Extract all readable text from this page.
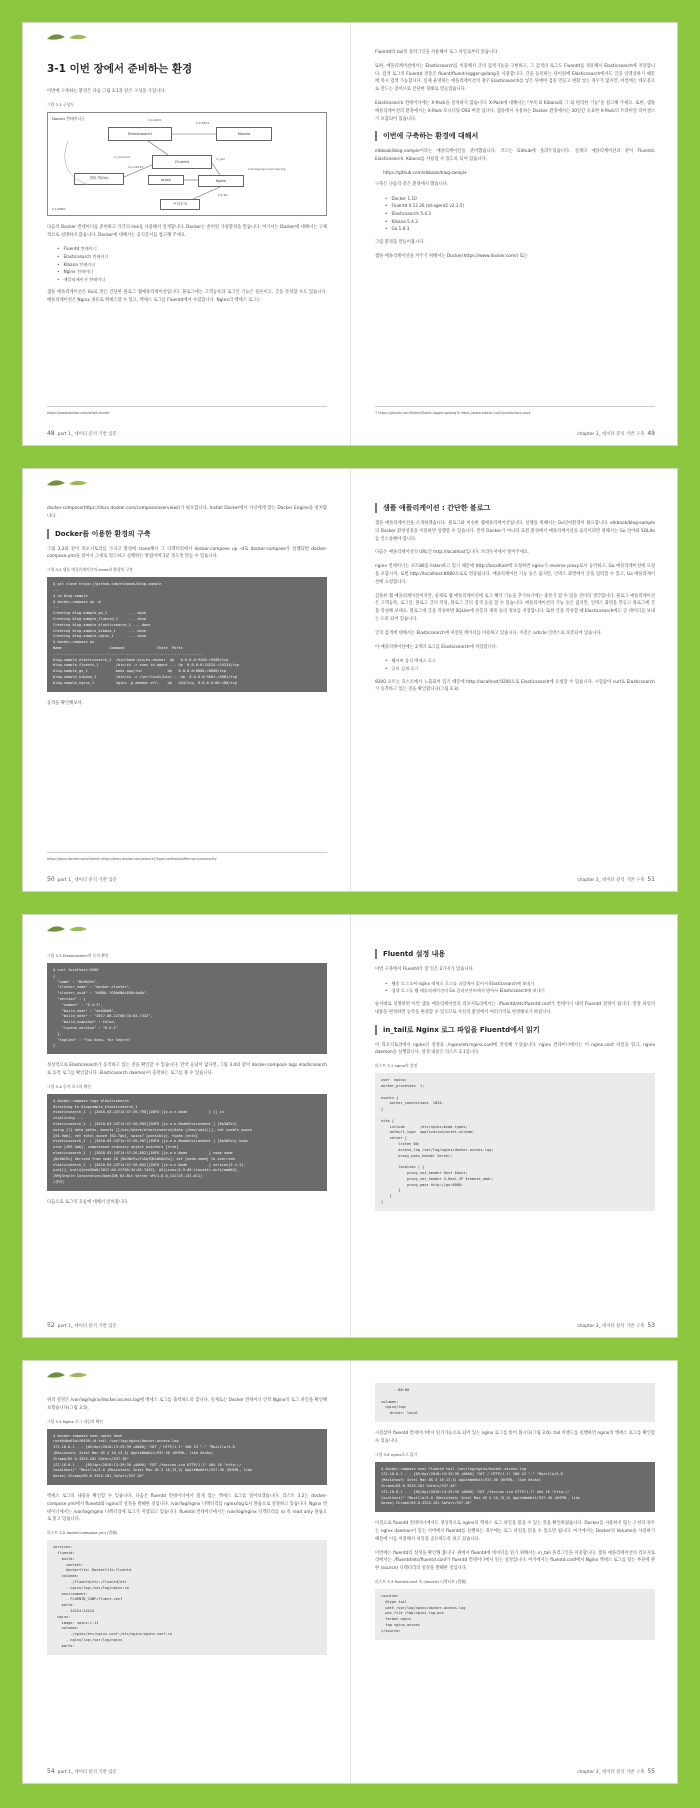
3-1 이번 장에서 준비하는 환경

이번에 구축하는 환경은 다음 그림 3.1과 같은 구성을 가집니다.

그림 3-1 구성도
Docker 컨테이너군
Elasticsearch	Kibana
Fluentd
샘플 앱(Go)
Nginx
proxy
브라우저
tcp:9200
tcp:5601
in_forward	in_tail
tcp:24224	/var/log/nginx/access.log
tcp:80
tcp:8080

다음의 Docker 컨테이너를 준비하고 각각의 link를 사용해서 연계합니다. Docker는 준비된 가상환경을 만듭니다. 여기서는 Docker에 대해서는 구체적으로 설명하지 않습니다. Docker에 대해서는 공식문서를 참고해 주세요.

• Fluentd 컨테이너
• Elasticsearch 컨테이너
• Kibana 컨테이너
• Nginx 컨테이너
• 애플리케이션 컨테이너

샘플 애플리케이션은 Go로 만든 간단한 블로그 웹애플리케이션입니다. 블로그에는 고객등록과 로그인 기능은 물론이고, 글을 작성할 수도 있습니다. 애플리케이션은 Nginx 경유로 액세스할 수 있고, 액세스 로그를 Fluentd에서 수집합니다. Nginx의 액세스 로그는

https://www.docker.com/what-docker
48 part 1_ 데이터 분석 기반 입문

Fluentd의 tail의 플러그인을 사용해서 로그 파일로부터 읽습니다.

또한, 애플리케이션에서는 Elasticsearch를 이용해서 글의 검색기능을 구현하고, 그 검색의 로그도 Fluentd를 경유해서 Elasticsearch에 저장합니다. 검색 로그의 Fluentd 전송은 fluent/fluent-logger-golang을 사용합니다. 글을 등록하는 타이밍에 Elasticsearch에서도 글을 인덱싱하기 때문에 즉시 검색 가능합니다. 실제 운영하는 애플리케이션의 경우 Elasticsearch를 넣은 뒤에야 검증 만들고 변환 넣는 경우가 많지만, 이번에는 데모용으로 만드는 것이므로 간단한 형태로 만들었습니다.

Elasticsearch 컨테이너에는 X-Pack을 설치하지 않습니다. X-Pack에 대해서는 "부록 D Kibana와 그 외 편리한 기능"을 참고해 주세요. 또한, 샘플 애플리케이션의 환경에서는 X-Pack 모니터링 OSS 버전 입니다. 샘플에서 사용하는 Docker 환경에서는 30일간 유효한 X-Pack의 트라이얼 라이센스가 포함되어 있습니다.

이번에 구축하는 환경에 대해서

elkbook/blog-sample이라는 애플리케이션을 준비했습니다. 코드는 Github에 올려두었습니다. 실제의 애플리케이션과 같이 Fluentd, Elasticsearch, Kibana를 사용할 수 있도록 되어 있습니다.

https://github.com/elkbook/blog-sample

구축은 다음의 같은 환경에서 했습니다.

• Docker 1.10
• Fluentd 0.12.26 (td-agent2 v2.3.5)
• Elasticsearch 5.4.3
• Kibana 5.4.3
• Go 1.8.3

그럼 환경을 만들어봅시다.

샘플 애플리케이션을 켜주기 위해서는 Docker(https://www.docker.com/) 또는

7 https://github.com/fluent/fluent-logger-golang 8 https://www.elastic.co/kr/products/x-pack
chapter 3_ 데이터 분석 기반 구축 49

docker-compose(https://docs.docker.com/compose/overview/)가 필요합니다. Install Docker에서 자신에게 맞는 Docker Engine을 설치합니다.

Docker를 이용한 환경의 구축

그림 3.2와 같이 리포지토리를 가지고 환경에 clone해서 그 디렉터리에서 docker-compose up -d로 docker-compose가 실행되면 docker-compose.yml을 읽어서 그대로 빌드하고 실행하는 방법이며 1분 정도면 만들 수 있습니다.

그림 3.2 샘플 애플리케이션의 clone과 환경의 구축
$ git clone https://github.com/elkbook/blog-sample
...
$ cd blog-sample
$ docker-compose up -d
...
Creating blog-sample_go_1          ... done
Creating blog-sample_fluentd_1     ... done
Creating blog-sample_elasticsearch_1 ... done
Creating blog-sample_kibana_1      ... done
Creating blog-sample_nginx_1       ... done
$ docker-compose ps
Name                      Command               State  Ports
---------------------------------------------------------------------
blog-sample_elasticsearch_1  /bin/bash bin/es-docker  Up   0.0.0.0:9200->9200/tcp
blog-sample_fluentd_1        /bin/sh -c exec td-agent ... Up  0.0.0.0:24224->24224/tcp
blog-sample_go_1             make app/run            Up   0.0.0.0:8080->8080/tcp
blog-sample_kibana_1         /bin/sh -c /usr/local/bin/... Up  0.0.0.0:5601->5601/tcp
blog-sample_nginx_1          nginx -g daemon off;    Up   443/tcp, 0.0.0.0:80->80/tcp

동작을 확인해보자.

https://docs.docker.com/install/ https://docs.docker.com/search/?type=edition&offering=community
50 part 1_ 데이터 분석 기반 입문
샘플 애플리케이션 : 간단한 블로그

샘플 애플리케이션을 소개하겠습니다. 블로그와 비슷한 웹애플리케이션입니다. 실행을 위해서는 Go언어환경이 필요합니다. elkbook/blog-sample의 Docker 환경설정을 이용하면 실행할 수 있습니다. 만약 Docker가 아니라 로컬 환경에서 애플리케이션을 움직이려면 위해서는 Go 언어와 SQLite를 인스톨해야 합니다.

다음은 애플리케이션의 URL인 http://localhost입니다. 브라우저에서 열어주세요.

nginx 컨테이너는 포트80을 listen하고 있기 때문에 http://localhost에 요청하면 nginx가 reverse proxy로서 동작하고, Go 애플리케이션에 요청을 포함시켜, 로컬 http://localhost:8080으로로 전송됩니다. 애플리케이션 기능 등은 없지만, 인덱스 화면에서 글을 입력할 수 있고, Go 애플리케이션에 요청합니다.

심플한 웹 애플리케이션이지만, 실제로 웹 애플리케이션에 로그 해석 기능을 추가하기에는 충분기 할 수 있을 것이라 생각합니다. 블로그 애플리케이션은 고객등록, 로그인, 블로그 글의 작성, 블로그 글의 검색 등을 할 수 있습니다. 애플리케이션의 기능 등은 없지만, 인덱스 화면을 만들고 블로그에 글을 작성해 보세요. 블로그에 글을 작성하면 SQLite에 본문과 제목 등의 정보를 저장합니다. 또한 글을 작성할 때 Elasticsearch에도 글 데이터를 보내는 도록 되어 있습니다.

글의 검색에 대해서는 Elasticsearch에 저장된 데이터를 이용하고 있습니다. 이것은 article 인덱스로 보존되어 있습니다.

이 애플리케이션에는 2개의 로그를 Elasticsearch에 저장합니다.

• 웹서버 음식 액세스 로그
• 글의 검색 로그

9200 포트는 호스트에서 노출되어 있기 때문에 http://localhost:9200으로 Elasticsearch에 요청할 수 있습니다. 시험삼아 curl로 Elasticsearch가 동작하고 있는 것을 확인합니다(그림 3.3).

chapter 3_ 데이터 분석 기반 구축 51
그림 3.3 Elasticsearch의 동작 확인
$ curl localhost:9200
{
"name" : "Bo3W2Vv",
"cluster_name" : "docker-cluster",
"cluster_uuid" : "hHBOL-fG6h6NOiEKQc4xNw",
"version" : {
"number" : "5.4.3",
"build_hash" : "eed30a8",
"build_date" : "2017-06-22T00:34:03.743Z",
"build_snapshot" : false,
"lucene_version" : "6.5.1"
},
"tagline" : "You Know, for Search"
}

정상적으로 Elasticsearch가 동작하고 있는 것을 확인할 수 있습니다. 만약 응답이 없다면, 그림 3.4와 같이 docker-compose logs elasticsearch로 동작 로그를 확인합니다. Elasticsearch daemon이 출력하는 로그를 볼 수 있습니다.

그림 3-4 동작 로그의 확인
$ docker-compose logs elasticsearch
Attaching to blogsample_elasticsearch_1
elasticsearch_1  | [2018-03-24T14:57:26,798][INFO ][o.e.n.Node          ] [] in
itializing ...
elasticsearch_1  | [2018-03-24T14:57:26,983][INFO ][o.e.e.NodeEnvironment ] [Bo3W2Vv]
using [1] data paths, mounts [[/usr/share/elasticsearch/data (/dev/sda1)]], net usable_space
[54.9gb], net total_space [62.7gb], spins? [possibly], types [ext4]
elasticsearch_1  | [2018-03-24T14:57:26,987][INFO ][o.e.e.NodeEnvironment ] [Bo3W2Vv] heap
size [495.3mb], compressed ordinary object pointers [true]
elasticsearch_1  | [2018-03-24T14:57:26,802][INFO ][o.e.n.Node          ] node name
[Bo3W2Vv] derived from node ID [Bo3W2VvcTsSqTQK1bkQhCw]; set [node.name] to override
elasticsearch_1  | [2018-03-24T14:57:26,802][INFO ][o.e.n.Node          ] version[5.4.3],
pid[1], build[eed30a8/2017-06-22T00:34:03.743Z], OS[Linux/4.9.60-linuxkit-aufs/amd64],
JVM[Oracle Corporation/OpenJDK 64-Bit Server VM/1.8.0_131/25.131-b11]
(생략)

다음으로 로그의 흐름에 대해서 알아봅니다.

52 part 1_ 데이터 분석 기반 입문
Fluentd 설정 내용

이번 구축에서 Fluentd가 할 일은 2가지가 있습니다.

• 웹종 로그로써 nginx 액세스 로그를 파일에서 읽어서 Elasticsearch에 보내기
• 검색 로그를 웹 애플리케이션의 Go 클라이언트에서 받아서 Elasticsearch에 보내기

순서대로 설명하면 이번 샘플 애플리케이션의 리포지토리에서는 ./fluentd/etc/fluentd.conf가 컨테이너 내의 Fluentd 설정이 됩니다. 설정 파일의 내용을 변경하면 동작을 변경할 수 있으므로 자신의 환경에서 여러가지로 변경해보기 바랍니다.

in_tail로 Nginx 로그 파일을 Fluentd에서 읽기

이 리포지토리에서 nginx의 설정을 ./nginx/etc/nginx.conf에 작성해 두었습니다. nginx 컨테이너에서는 이 nginx.conf 파일을 읽고, nginx daemon을 실행합니다. 설정 내용은 리스트 3.1입니다.

리스트 3.1 nginx의 설정
user  nginx;
worker_processes  1;

events {
worker_connections  1024;
}

http {
include       /etc/nginx/mime.types;
default_type  application/octet-stream;
server {
listen 80;
access_log /var/log/nginx/docker.access.log;
proxy_pass_header Server;

location / {
proxy_set_header Host $host;
proxy_set_header X-Real-IP $remote_addr;
proxy_pass http://go:8080;
}
}
}
chapter 3_ 데이터 분석 기반 구축 53

위의 설정은 /var/log/nginx/docker.access.log에 액세스 로그를 출력하도록 합니다. 실제로는 Docker 컨테이너 안의 Nginx의 로그 파일을 확인해 보겠습니다(그림 3.5).

그림 3.5 Nginx 로그 파일의 확인
$ docker-compose exec nginx bash
root@4ba63a1f6936:/# tail /var/log/nginx/docker.access.log
172.18.0.1 - - [05/Apr/2018:13:29:39 +0000] "GET / HTTP/1.1" 200 23 "-" "Mozilla/5.0
(Macintosh; Intel Mac OS X 10_13_3) AppleWebKit/537.36 (KHTML, like Gecko)
Chrome/65.0.3325.181 Safari/537.36"
172.18.0.1 - - [05/Apr/2018:13:29:39 +0000] "GET /favicon.ico HTTP/1.1" 404 18 "http://
localhost/" "Mozilla/5.0 (Macintosh; Intel Mac OS X 10_13_3) AppleWebKit/537.36 (KHTML, like
Gecko) Chrome/65.0.3325.181 Safari/537.36"

액세스 로그의 내용을 확인할 수 있습니다. 다음은 fluentd 컨테이너에서 읽게 있는 액세스 로그를 읽어보겠습니다. 리스트 3.2는 docker-compose.yml에서 fluentd와 nginx의 설정을 발췌한 것입니다. /var/log/nginx 디렉터리를 nginx/log로서 볼륨으로 설정하고 있습니다. Nginx 컨테이너에서는 /var/log/nginx 디렉터리에 로그가 저장되고 있습니다. fluentd 컨테이너에서는 /var/log/nginx 디렉터리를 ro 즉 read only 볼륨으로 읽고 있습니다.

리스트 3.2 docker-compose.yml (발췌)
services:
fluentd:
build:
context: .
dockerfile: Dockerfile-fluentd
volumes:
- ./fluentd/etc:/fluentd/etc
- nginx/log:/var/log/nginx:ro
environment:
- FLUENTD_CONF=fluent.conf
ports:
- 24224:24224
nginx:
image: nginx:1.11
volumes:
- ./nginx/etc/nginx.conf:/etc/nginx/nginx.conf:ro
- nginx/log:/var/log/nginx
ports:
54 part 1_ 데이터 분석 기반 입문
- 80:80

volumes:
nginx/log:
driver: local

시험삼아 fluentd 컨테이너에서 읽기가능으로 되어 있는 nginx 로그를 읽어 봅시다(그림 3.6). tail 커맨드를 실행하면 nginx의 액세스 로그를 확인할 수 있습니다.

그림 3.6 nginx로그 읽기
$ docker-compose exec fluentd tail /var/log/nginx/docker.access.log
172.18.0.1 - - [05/Apr/2018:13:29:39 +0000] "GET / HTTP/1.1" 200 23 "-" "Mozilla/5.0
(Macintosh; Intel Mac OS X 10_13_3) AppleWebKit/537.36 (KHTML, like Gecko)
Chrome/65.0.3325.181 Safari/537.36"
172.18.0.1 - - [05/Apr/2018:13:29:39 +0000] "GET /favicon.ico HTTP/1.1" 404 18 "http://
localhost/" "Mozilla/5.0 (Macintosh; Intel Mac OS X 10_13_3) AppleWebKit/537.36 (KHTML, like
Gecko) Chrome/65.0.3325.181 Safari/537.36"

이것으로 fluentd 컨테이너에서도 정상적으로 nginx의 액세스 로그 파일을 읽을 수 있는 것을 확인하였습니다. Docker를 사용하지 않는 구성의 경우는 nginx daemon이 있는 서버에서 fluentd를 실행하는 경우에는 로그 파일을 읽을 수 있으면 됩니다. 여기에서는 Docker의 Volume을 사용하기 때문에 이를 이용해서 파일을 공유하도록 하고 있습니다.

이번에는 fluentd의 설정을 확인해 봅니다. 위에서 fluentd에 데이터를 읽기 위해서는 in_tail 플러그인을 이용합니다. 샘플 애플리케이션의 리포지토리에서는 ./fluentd/etc/fluentd.conf가 fluentd 컨테이너에서 읽는 설정입니다. 여기에서는 fluentd.conf에서 Nginx 액세스 로그를 읽는 부분에 관한 (source) 디렉터리의 설정을 발췌한 것입니다.

리스트 3.3 fluentd.conf 속 (source) 디렉티브 (발췌)
<source>
@type tail
path /var/log/nginx/docker.access.log
pos_file /tmp/nginx.log.pos
format nginx
tag nginx.access
</source>
chapter 3_ 데이터 분석 기반 구축 55
